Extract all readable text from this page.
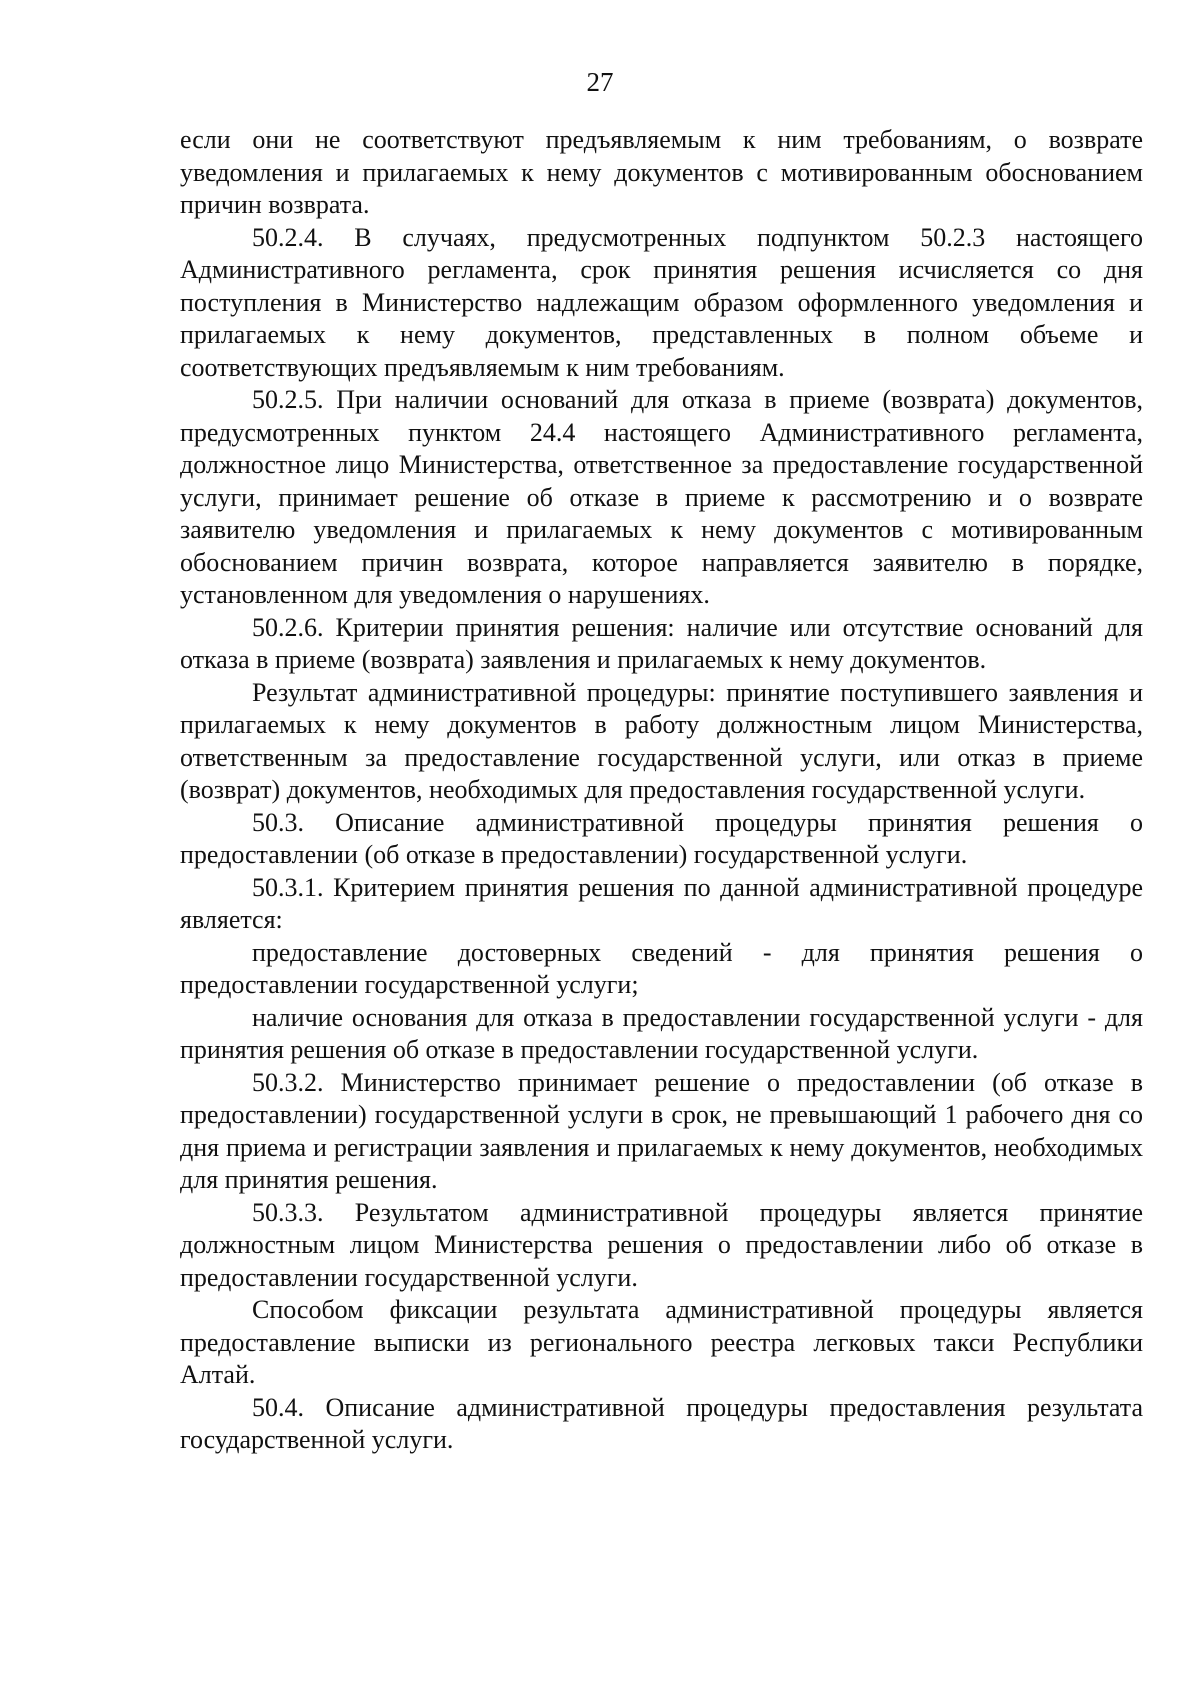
27

если они не соответствуют предъявляемым к ним требованиям, о возврате уведомления и прилагаемых к нему документов с мотивированным обоснованием причин возврата.

50.2.4. В случаях, предусмотренных подпунктом 50.2.3 настоящего Административного регламента, срок принятия решения исчисляется со дня поступления в Министерство надлежащим образом оформленного уведомления и прилагаемых к нему документов, представленных в полном объеме и соответствующих предъявляемым к ним требованиям.

50.2.5. При наличии оснований для отказа в приеме (возврата) документов, предусмотренных пунктом 24.4 настоящего Административного регламента, должностное лицо Министерства, ответственное за предоставление государственной услуги, принимает решение об отказе в приеме к рассмотрению и о возврате заявителю уведомления и прилагаемых к нему документов с мотивированным обоснованием причин возврата, которое направляется заявителю в порядке, установленном для уведомления о нарушениях.

50.2.6. Критерии принятия решения: наличие или отсутствие оснований для отказа в приеме (возврата) заявления и прилагаемых к нему документов.

Результат административной процедуры: принятие поступившего заявления и прилагаемых к нему документов в работу должностным лицом Министерства, ответственным за предоставление государственной услуги, или отказ в приеме (возврат) документов, необходимых для предоставления государственной услуги.

50.3. Описание административной процедуры принятия решения о предоставлении (об отказе в предоставлении) государственной услуги.

50.3.1. Критерием принятия решения по данной административной процедуре является:

предоставление достоверных сведений - для принятия решения о предоставлении государственной услуги;

наличие основания для отказа в предоставлении государственной услуги - для принятия решения об отказе в предоставлении государственной услуги.

50.3.2. Министерство принимает решение о предоставлении (об отказе в предоставлении) государственной услуги в срок, не превышающий 1 рабочего дня со дня приема и регистрации заявления и прилагаемых к нему документов, необходимых для принятия решения.

50.3.3. Результатом административной процедуры является принятие должностным лицом Министерства решения о предоставлении либо об отказе в предоставлении государственной услуги.

Способом фиксации результата административной процедуры является предоставление выписки из регионального реестра легковых такси Республики Алтай.

50.4. Описание административной процедуры предоставления результата государственной услуги.
